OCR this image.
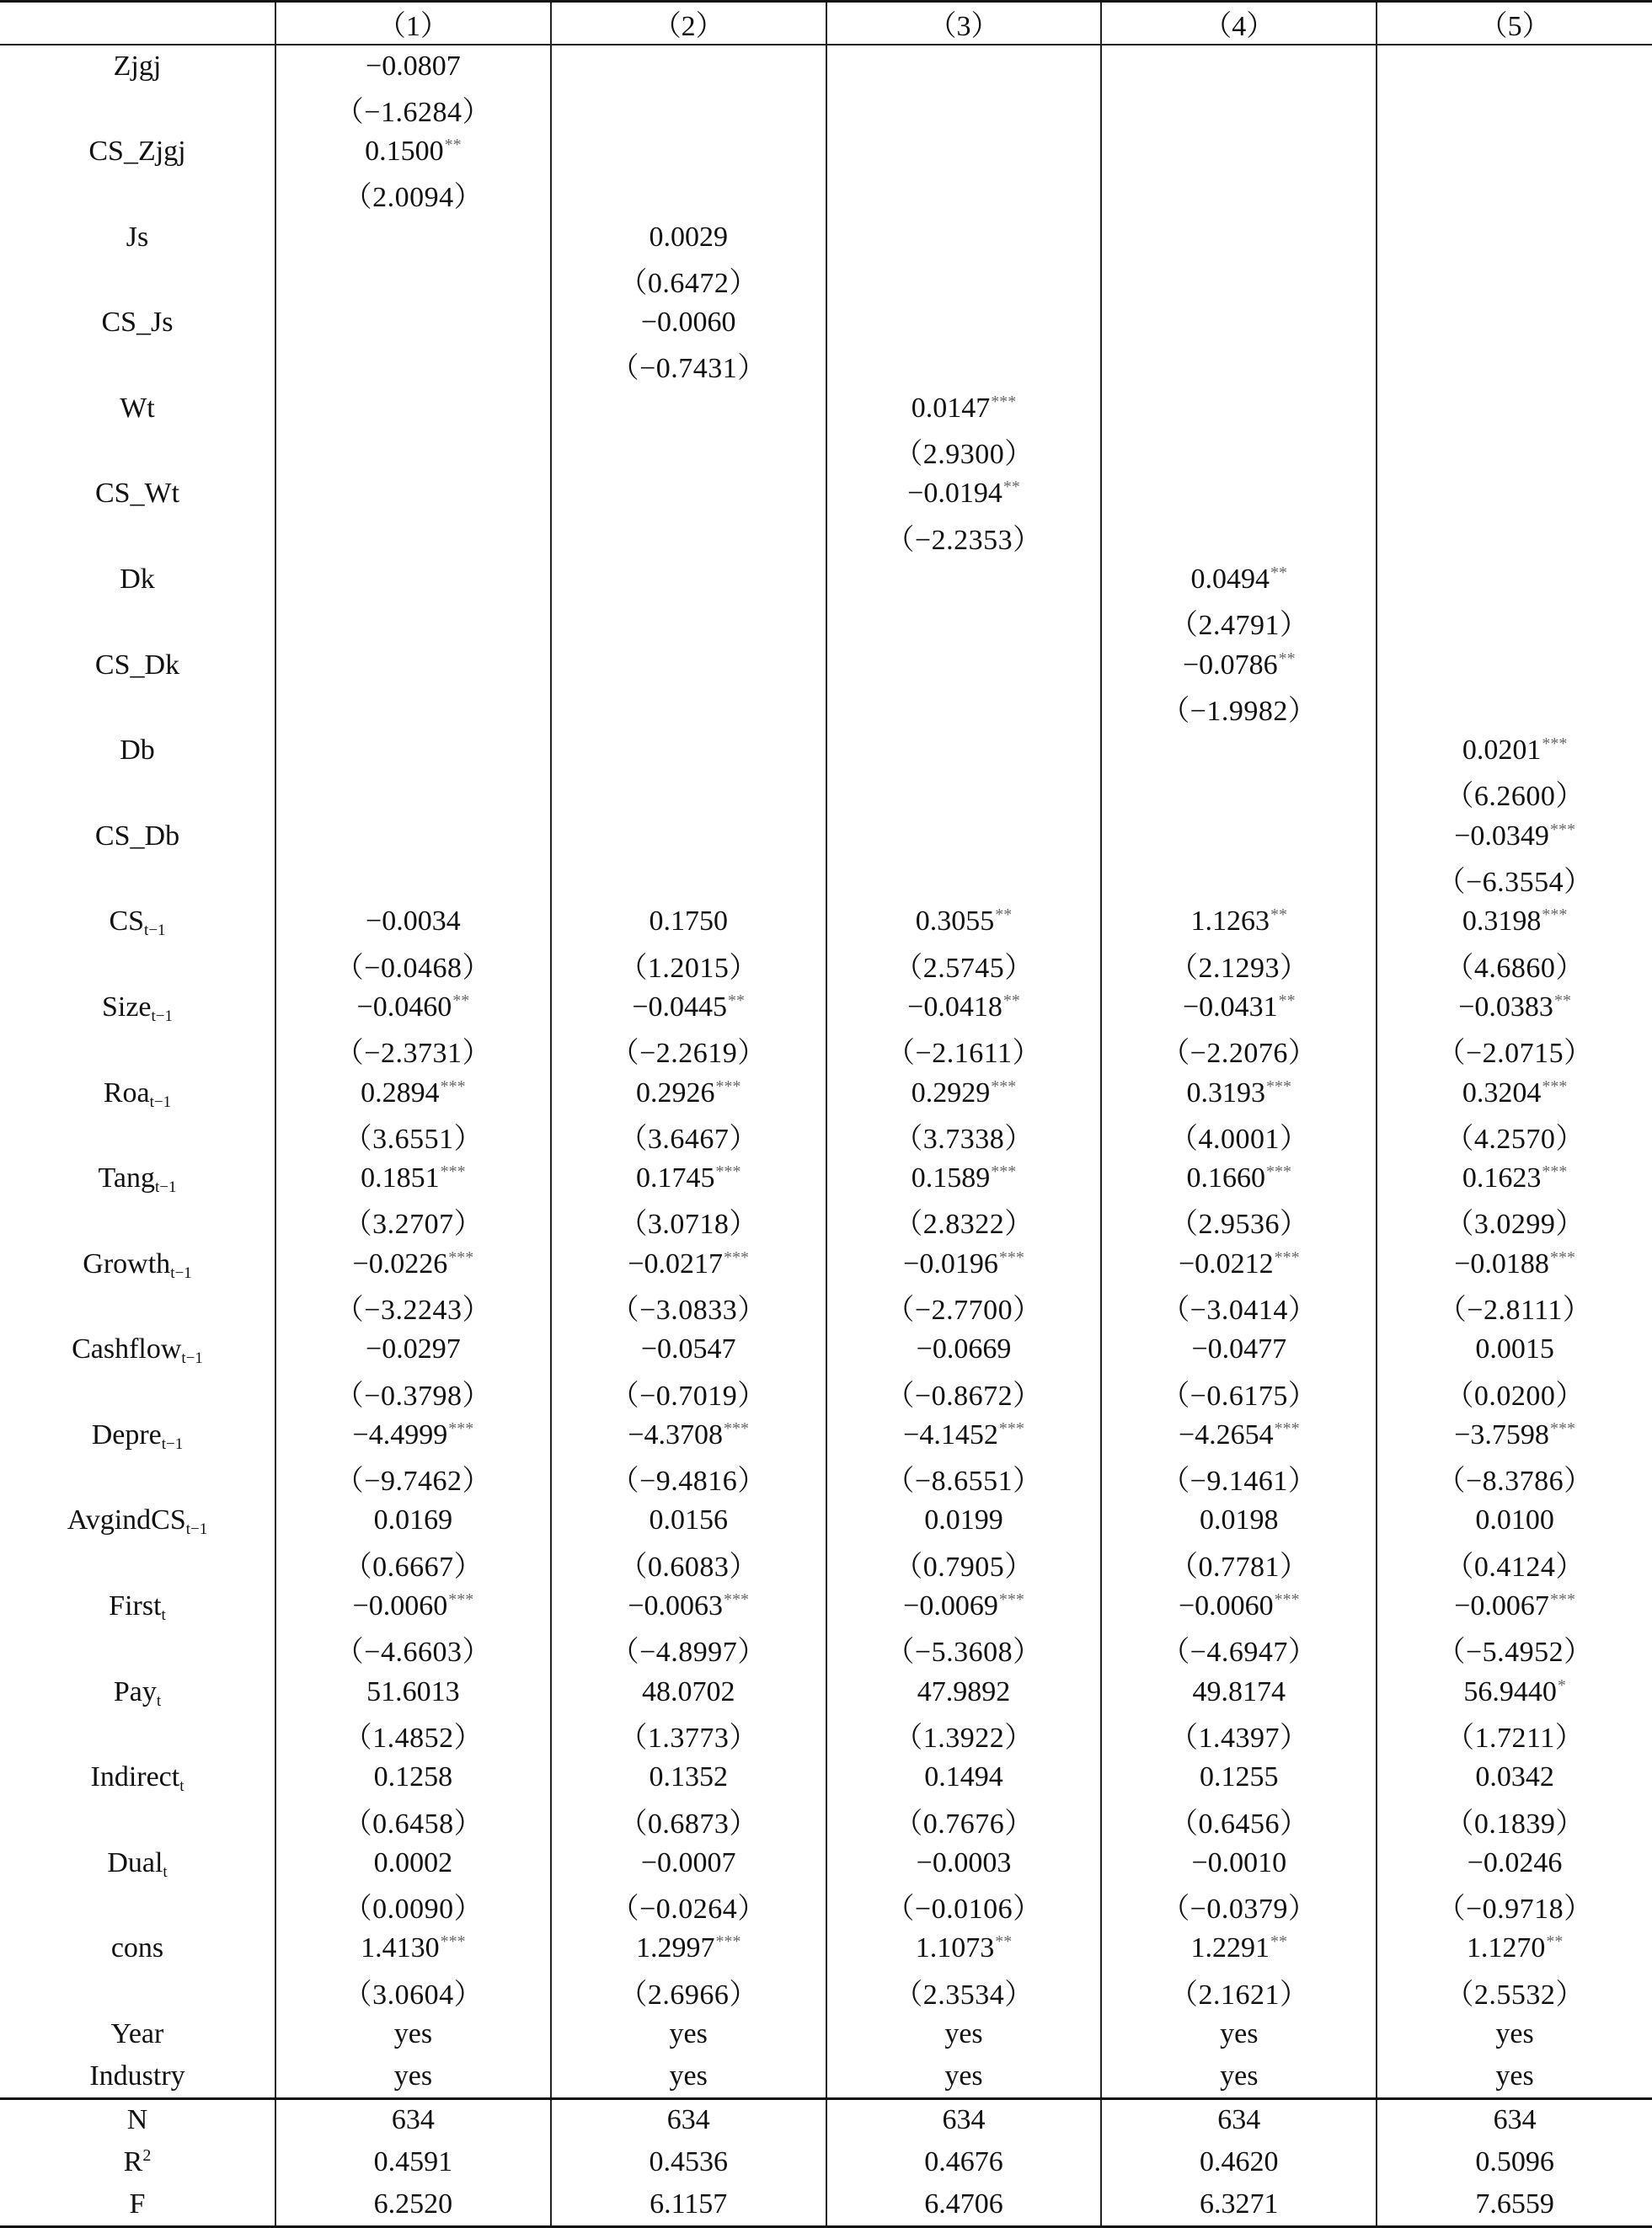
	（1）	（2）	（3）	（4）	（5）
Zjgj	−0.0807				
	（−1.6284）				
CS_Zjgj	0.1500**				
	（2.0094）				
Js		0.0029			
		（0.6472）			
CS_Js		−0.0060			
		（−0.7431）			
Wt			0.0147***		
			（2.9300）		
CS_Wt			−0.0194**		
			（−2.2353）		
Dk				0.0494**	
				（2.4791）	
CS_Dk				−0.0786**	
				（−1.9982）	
Db					0.0201***
					（6.2600）
CS_Db					−0.0349***
					（−6.3554）
$CS_{t-1}$	−0.0034	0.1750	0.3055**	1.1263**	0.3198***
	（−0.0468）	（1.2015）	（2.5745）	（2.1293）	（4.6860）
Size$_{t-1}$	−0.0460**	−0.0445**	−0.0418**	−0.0431**	−0.0383**
	（−2.3731）	（−2.2619）	（−2.1611）	（−2.2076）	（−2.0715）
Roa$_{t-1}$	0.2894***	0.2926***	0.2929***	0.3193***	0.3204***
	（3.6551）	（3.6467）	（3.7338）	（4.0001）	（4.2570）
Tang$_{t-1}$	0.1851***	0.1745***	0.1589***	0.1660***	0.1623***
	（3.2707）	（3.0718）	（2.8322）	（2.9536）	（3.0299）
Growth$_{t-1}$	−0.0226***	−0.0217***	−0.0196***	−0.0212***	−0.0188***
	（−3.2243）	（−3.0833）	（−2.7700）	（−3.0414）	（−2.8111）
Cashflow$_{t-1}$	−0.0297	−0.0547	−0.0669	−0.0477	0.0015
	（−0.3798）	（−0.7019）	（−0.8672）	（−0.6175）	（0.0200）
Depre$_{t-1}$	−4.4999***	−4.3708***	−4.1452***	−4.2654***	−3.7598***
	（−9.7462）	（−9.4816）	（−8.6551）	（−9.1461）	（−8.3786）
AvgindCS$_{t-1}$	0.0169	0.0156	0.0199	0.0198	0.0100
	（0.6667）	（0.6083）	（0.7905）	（0.7781）	（0.4124）
First$_t$	−0.0060***	−0.0063***	−0.0069***	−0.0060***	−0.0067***
	（−4.6603）	（−4.8997）	（−5.3608）	（−4.6947）	（−5.4952）
Pay$_t$	51.6013	48.0702	47.9892	49.8174	56.9440*
	（1.4852）	（1.3773）	（1.3922）	（1.4397）	（1.7211）
Indirect$_t$	0.1258	0.1352	0.1494	0.1255	0.0342
	（0.6458）	（0.6873）	（0.7676）	（0.6456）	（0.1839）
Dual$_t$	0.0002	−0.0007	−0.0003	−0.0010	−0.0246
	（0.0090）	（−0.0264）	（−0.0106）	（−0.0379）	（−0.9718）
cons	1.4130***	1.2997***	1.1073**	1.2291**	1.1270**
	（3.0604）	（2.6966）	（2.3534）	（2.1621）	（2.5532）
Year	yes	yes	yes	yes	yes
Industry	yes	yes	yes	yes	yes
N	634	634	634	634	634
$R^2$	0.4591	0.4536	0.4676	0.4620	0.5096
F	6.2520	6.1157	6.4706	6.3271	7.6559
